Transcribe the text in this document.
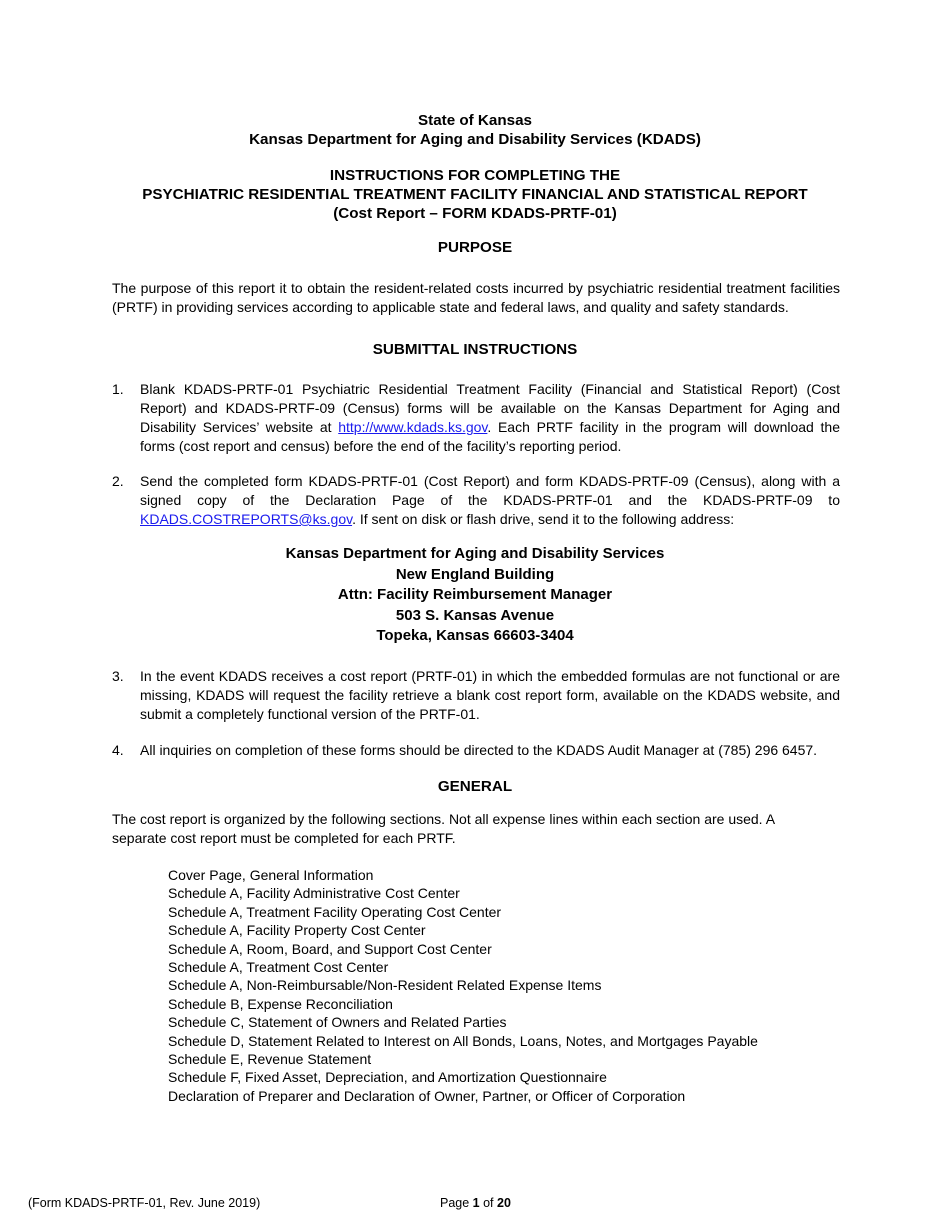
State of Kansas
Kansas Department for Aging and Disability Services (KDADS)
INSTRUCTIONS FOR COMPLETING THE
PSYCHIATRIC RESIDENTIAL TREATMENT FACILITY FINANCIAL AND STATISTICAL REPORT
(Cost Report – FORM KDADS-PRTF-01)
PURPOSE

The purpose of this report it to obtain the resident-related costs incurred by psychiatric residential treatment facilities (PRTF) in providing services according to applicable state and federal laws, and quality and safety standards.

SUBMITTAL INSTRUCTIONS
1. Blank KDADS-PRTF-01 Psychiatric Residential Treatment Facility (Financial and Statistical Report) (Cost Report) and KDADS-PRTF-09 (Census) forms will be available on the Kansas Department for Aging and Disability Services’ website at http://www.kdads.ks.gov. Each PRTF facility in the program will download the forms (cost report and census) before the end of the facility’s reporting period.
2. Send the completed form KDADS-PRTF-01 (Cost Report) and form KDADS-PRTF-09 (Census), along with a signed copy of the Declaration Page of the KDADS-PRTF-01 and the KDADS-PRTF-09 to KDADS.COSTREPORTS@ks.gov. If sent on disk or flash drive, send it to the following address:
Kansas Department for Aging and Disability Services
New England Building
Attn: Facility Reimbursement Manager
503 S. Kansas Avenue
Topeka, Kansas 66603-3404
3. In the event KDADS receives a cost report (PRTF-01) in which the embedded formulas are not functional or are missing, KDADS will request the facility retrieve a blank cost report form, available on the KDADS website, and submit a completely functional version of the PRTF-01.
4. All inquiries on completion of these forms should be directed to the KDADS Audit Manager at (785) 296 6457.
GENERAL

The cost report is organized by the following sections. Not all expense lines within each section are used. A

separate cost report must be completed for each PRTF.

Cover Page, General Information
Schedule A, Facility Administrative Cost Center
Schedule A, Treatment Facility Operating Cost Center
Schedule A, Facility Property Cost Center
Schedule A, Room, Board, and Support Cost Center
Schedule A, Treatment Cost Center
Schedule A, Non-Reimbursable/Non-Resident Related Expense Items
Schedule B, Expense Reconciliation
Schedule C, Statement of Owners and Related Parties
Schedule D, Statement Related to Interest on All Bonds, Loans, Notes, and Mortgages Payable
Schedule E, Revenue Statement
Schedule F, Fixed Asset, Depreciation, and Amortization Questionnaire
Declaration of Preparer and Declaration of Owner, Partner, or Officer of Corporation
(Form KDADS-PRTF-01, Rev. June 2019)	Page 1 of 20
